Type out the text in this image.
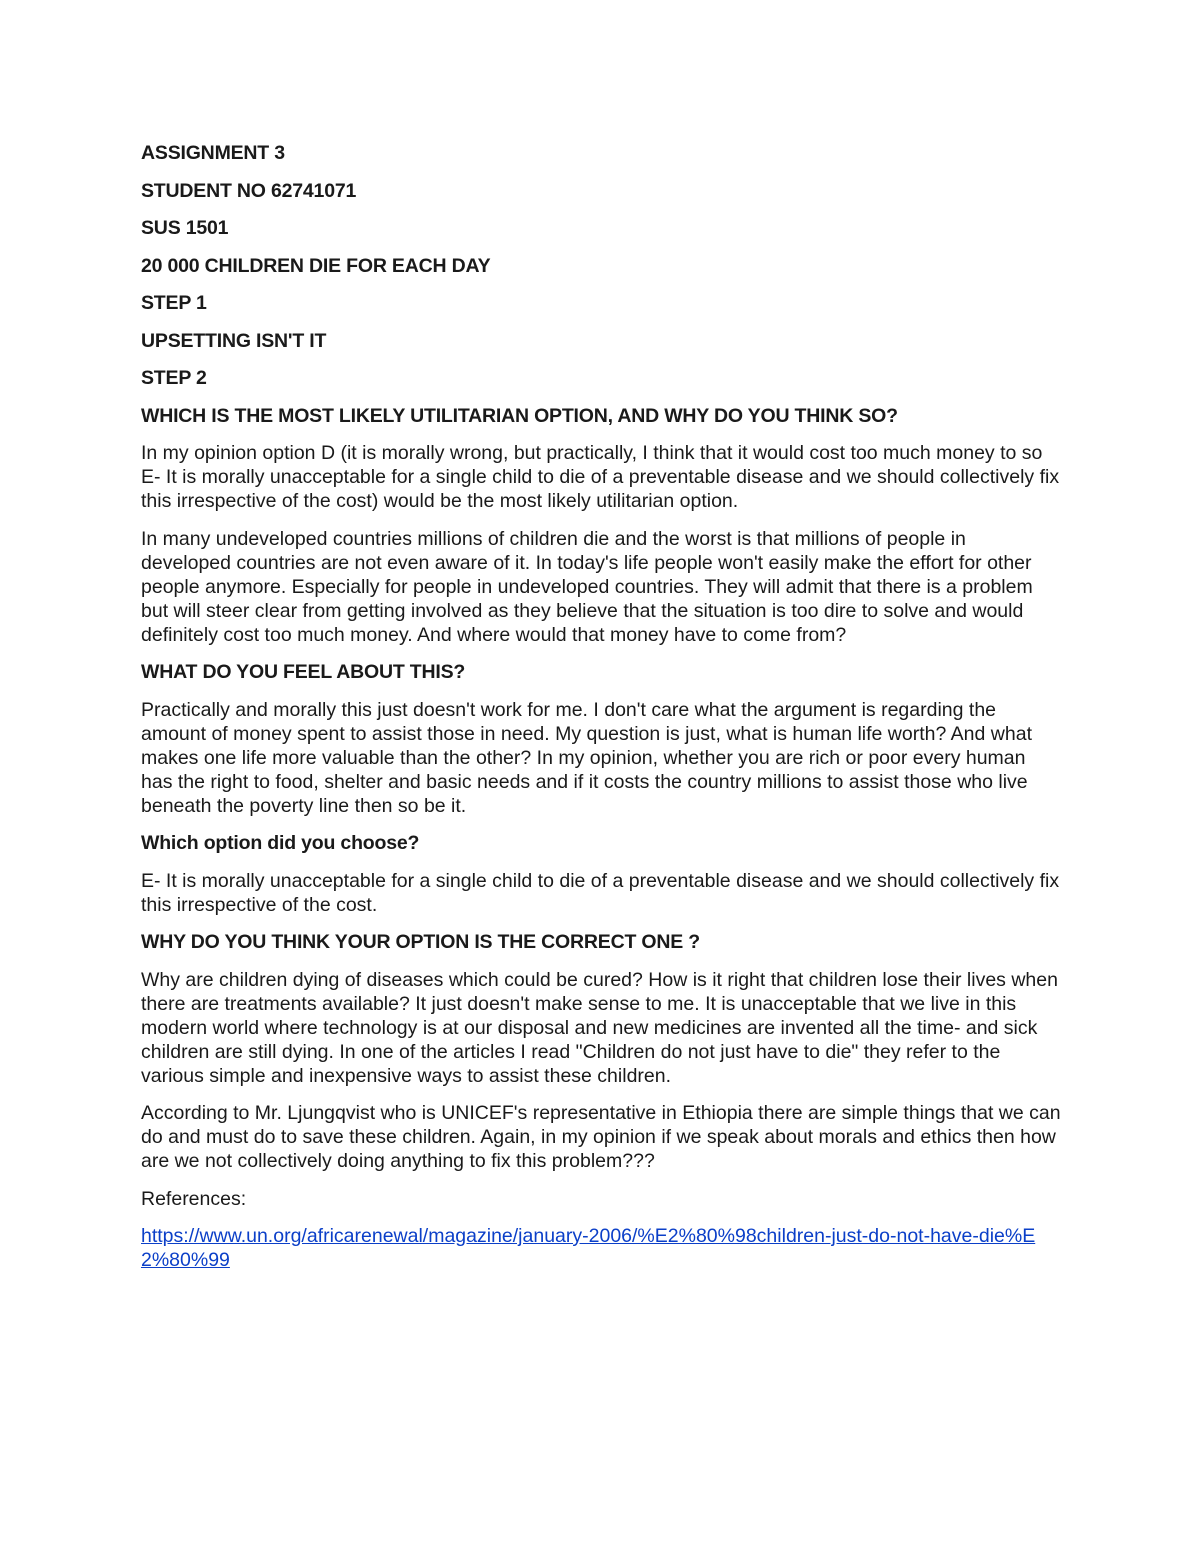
ASSIGNMENT 3

STUDENT NO 62741071

SUS 1501

20 000 CHILDREN DIE FOR EACH DAY

STEP 1

UPSETTING ISN'T IT

STEP 2

WHICH IS THE MOST LIKELY UTILITARIAN OPTION, AND WHY DO YOU THINK SO?

In my opinion option D (it is morally wrong, but practically, I think that it would cost too much money to so E- It is morally unacceptable for a single child to die of a preventable disease and we should collectively fix this irrespective of the cost) would be the most likely utilitarian option.

In many undeveloped countries millions of children die and the worst is that millions of people in developed countries are not even aware of it. In today's life people won't easily make the effort for other people anymore. Especially for people in undeveloped countries. They will admit that there is a problem but will steer clear from getting involved as they believe that the situation is too dire to solve and would definitely cost too much money. And where would that money have to come from?

WHAT DO YOU FEEL ABOUT THIS?

Practically and morally this just doesn't work for me. I don't care what the argument is regarding the amount of money spent to assist those in need. My question is just, what is human life worth? And what makes one life more valuable than the other? In my opinion, whether you are rich or poor every human has the right to food, shelter and basic needs and if it costs the country millions to assist those who live beneath the poverty line then so be it.

Which option did you choose?

E- It is morally unacceptable for a single child to die of a preventable disease and we should collectively fix this irrespective of the cost.

WHY DO YOU THINK YOUR OPTION IS THE CORRECT ONE ?

Why are children dying of diseases which could be cured? How is it right that children lose their lives when there are treatments available? It just doesn't make sense to me. It is unacceptable that we live in this modern world where technology is at our disposal and new medicines are invented all the time- and sick children are still dying. In one of the articles I read "Children do not just have to die" they refer to the various simple and inexpensive ways to assist these children.

According to Mr. Ljungqvist who is UNICEF's representative in Ethiopia there are simple things that we can do and must do to save these children. Again, in my opinion if we speak about morals and ethics then how are we not collectively doing anything to fix this problem???

References:

https://www.un.org/africarenewal/magazine/january-2006/%E2%80%98children-just-do-not-have-die%E2%80%99
